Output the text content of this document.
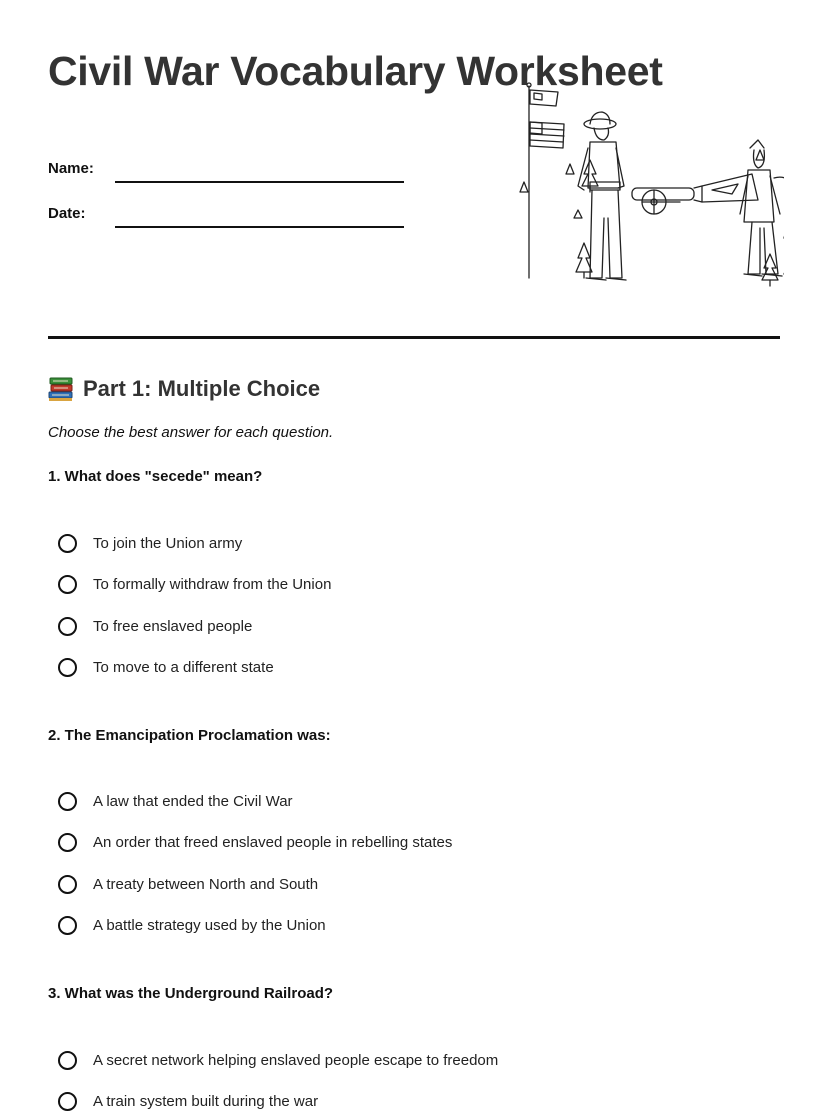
Civil War Vocabulary Worksheet
Name:
Date:
Part 1: Multiple Choice
Choose the best answer for each question.
1. What does "secede" mean?
To join the Union army
To formally withdraw from the Union
To free enslaved people
To move to a different state
2. The Emancipation Proclamation was:
A law that ended the Civil War
An order that freed enslaved people in rebelling states
A treaty between North and South
A battle strategy used by the Union
3. What was the Underground Railroad?
A secret network helping enslaved people escape to freedom
A train system built during the war
